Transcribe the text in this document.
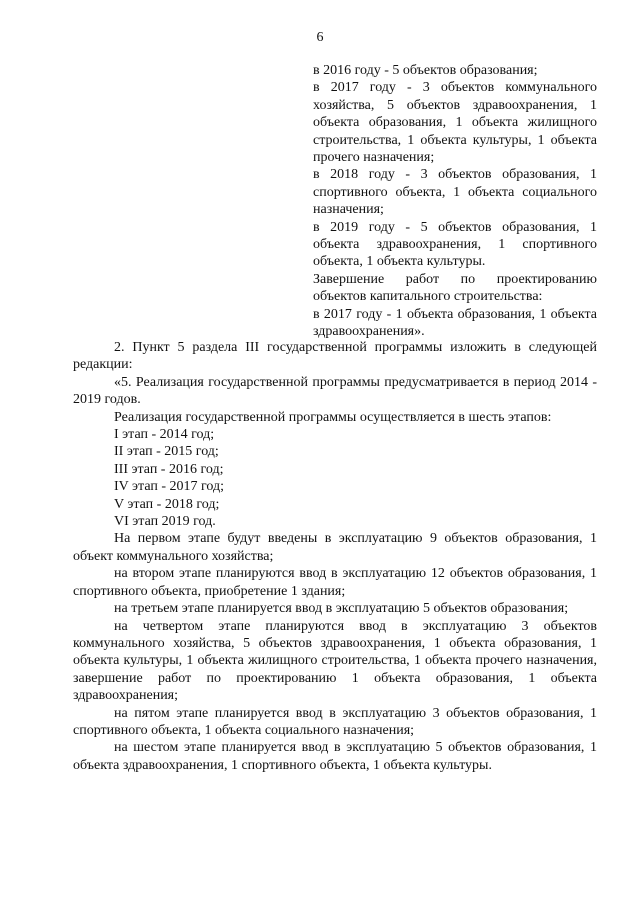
6

в 2016 году - 5 объектов образования;

в 2017 году - 3 объектов коммунального хозяйства, 5 объектов здравоохранения, 1 объекта образования, 1 объекта жилищного строительства, 1 объекта культуры, 1 объекта прочего назначения;

в 2018 году - 3 объектов образования, 1 спортивного объекта, 1 объекта социального назначения;

в 2019 году - 5 объектов образования, 1 объекта здравоохранения, 1 спортивного объекта, 1 объекта культуры.

Завершение работ по проектированию объектов капитального строительства:

в 2017 году - 1 объекта образования, 1 объекта здравоохранения».

2. Пункт 5 раздела III государственной программы изложить в следующей редакции:

«5. Реализация государственной программы предусматривается в период 2014 - 2019 годов.

Реализация государственной программы осуществляется в шесть этапов:

I этап - 2014 год;

II этап - 2015 год;

III этап - 2016 год;

IV этап - 2017 год;

V этап - 2018 год;

VI этап 2019 год.

На первом этапе будут введены в эксплуатацию 9 объектов образования, 1 объект коммунального хозяйства;

на втором этапе планируются ввод в эксплуатацию 12 объектов образования, 1 спортивного объекта, приобретение 1 здания;

на третьем этапе планируется ввод в эксплуатацию 5 объектов образования;

на четвертом этапе планируются ввод в эксплуатацию 3 объектов коммунального хозяйства, 5 объектов здравоохранения, 1 объекта образования, 1 объекта культуры, 1 объекта жилищного строительства, 1 объекта прочего назначения, завершение работ по проектированию 1 объекта образования, 1 объекта здравоохранения;

на пятом этапе планируется ввод в эксплуатацию 3 объектов образования, 1 спортивного объекта, 1 объекта социального назначения;

на шестом этапе планируется ввод в эксплуатацию 5 объектов образования, 1 объекта здравоохранения, 1 спортивного объекта, 1 объекта культуры.
